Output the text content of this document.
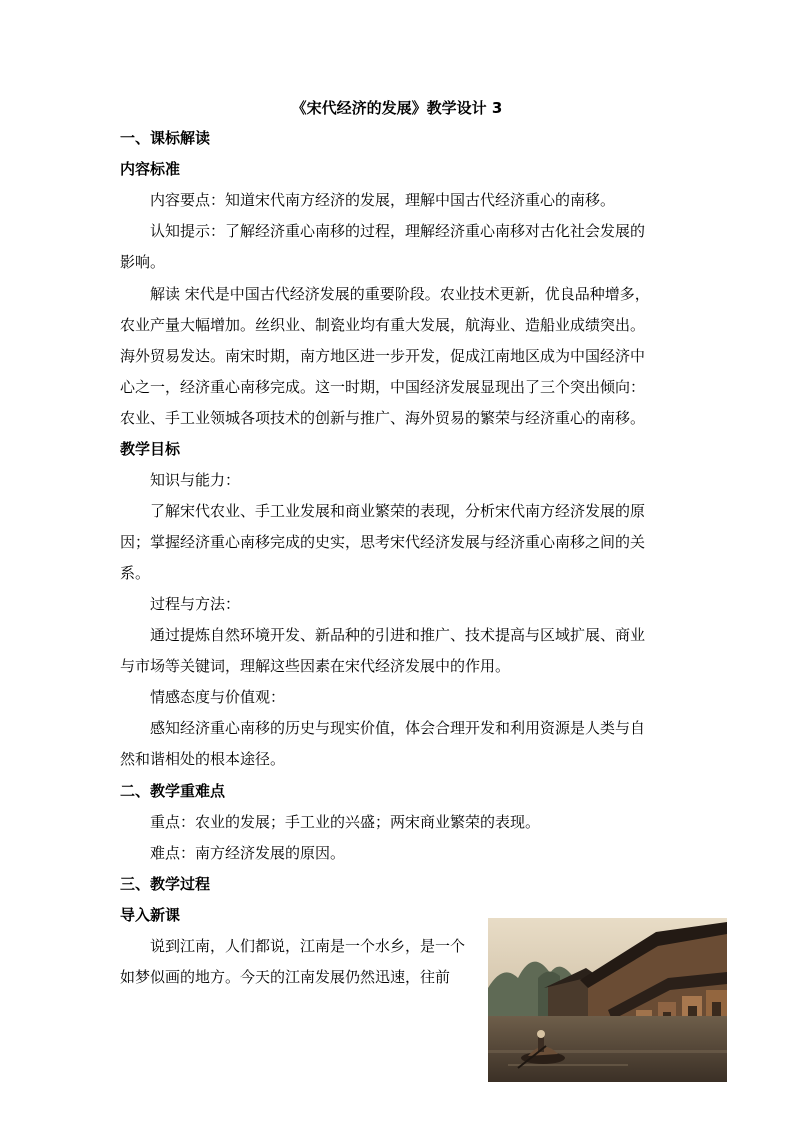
《宋代经济的发展》教学设计 3
一、课标解读
内容标准
内容要点：知道宋代南方经济的发展，理解中国古代经济重心的南移。
认知提示：了解经济重心南移的过程，理解经济重心南移对古化社会发展的
影响。
解读 宋代是中国古代经济发展的重要阶段。农业技术更新，优良品种增多，
农业产量大幅增加。丝织业、制瓷业均有重大发展，航海业、造船业成绩突出。
海外贸易发达。南宋时期，南方地区进一步开发，促成江南地区成为中国经济中
心之一，经济重心南移完成。这一时期，中国经济发展显现出了三个突出倾向：
农业、手工业领城各项技术的创新与推广、海外贸易的繁荣与经济重心的南移。
教学目标
知识与能力：
了解宋代农业、手工业发展和商业繁荣的表现，分析宋代南方经济发展的原
因；掌握经济重心南移完成的史实，思考宋代经济发展与经济重心南移之间的关
系。
过程与方法：
通过提炼自然环境开发、新品种的引进和推广、技术提高与区域扩展、商业
与市场等关键词，理解这些因素在宋代经济发展中的作用。
情感态度与价值观：
感知经济重心南移的历史与现实价值，体会合理开发和利用资源是人类与自
然和谐相处的根本途径。
二、教学重难点
重点：农业的发展；手工业的兴盛；两宋商业繁荣的表现。
难点：南方经济发展的原因。
三、教学过程
导入新课
说到江南，人们都说，江南是一个水乡，是一个
如梦似画的地方。今天的江南发展仍然迅速，往前
